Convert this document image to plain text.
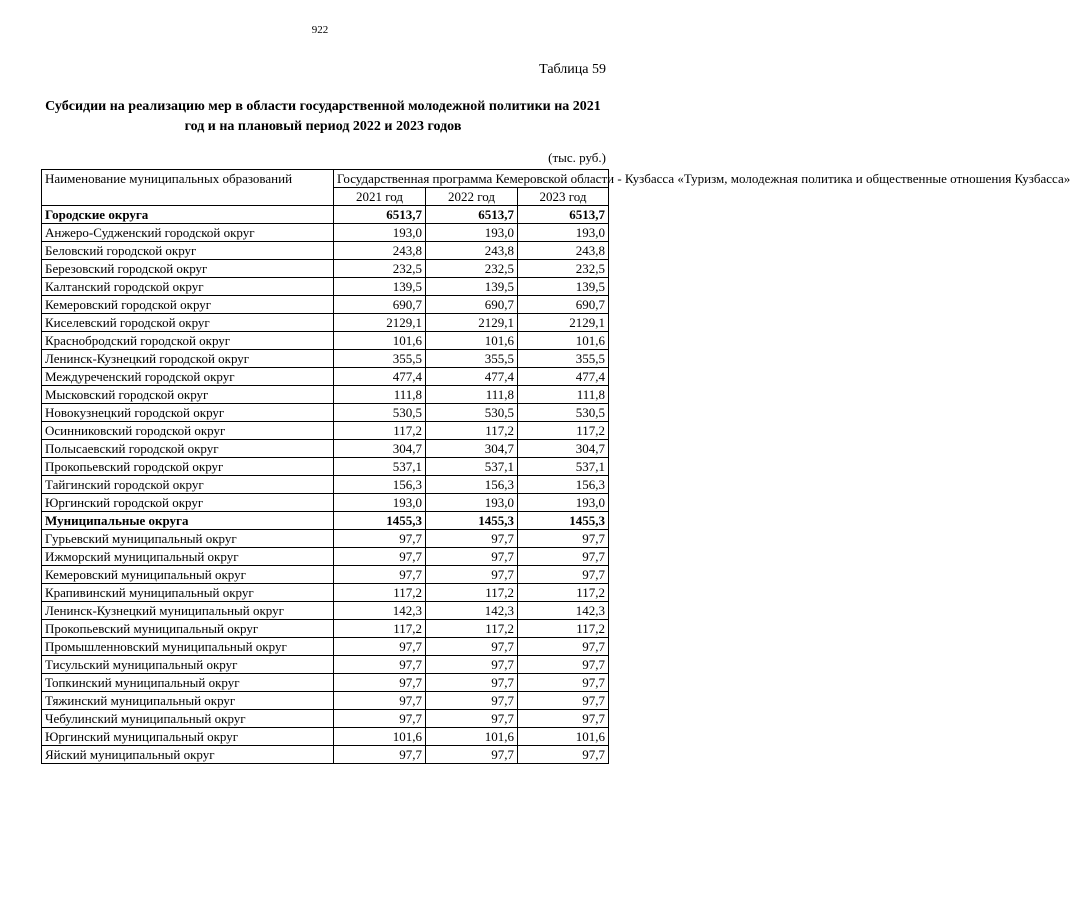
922
Таблица 59
Субсидии на реализацию мер в области государственной молодежной политики на 2021 год и на плановый период 2022 и 2023 годов
(тыс. руб.)
Наименование муниципальных образований	Государственная программа Кемеровской области - Кузбасса «Туризм, молодежная политика и общественные отношения Кузбасса»		
	2021 год	2022 год	2023 год
Городские округа	6513,7	6513,7	6513,7
Анжеро-Судженский городской округ	193,0	193,0	193,0
Беловский городской округ	243,8	243,8	243,8
Березовский городской округ	232,5	232,5	232,5
Калтанский городской округ	139,5	139,5	139,5
Кемеровский городской округ	690,7	690,7	690,7
Киселевский городской округ	2129,1	2129,1	2129,1
Краснобродский городской округ	101,6	101,6	101,6
Ленинск-Кузнецкий городской округ	355,5	355,5	355,5
Междуреченский городской округ	477,4	477,4	477,4
Мысковский городской округ	111,8	111,8	111,8
Новокузнецкий городской округ	530,5	530,5	530,5
Осинниковский городской округ	117,2	117,2	117,2
Полысаевский городской округ	304,7	304,7	304,7
Прокопьевский городской округ	537,1	537,1	537,1
Тайгинский городской округ	156,3	156,3	156,3
Юргинский городской округ	193,0	193,0	193,0
Муниципальные округа	1455,3	1455,3	1455,3
Гурьевский муниципальный округ	97,7	97,7	97,7
Ижморский муниципальный округ	97,7	97,7	97,7
Кемеровский муниципальный округ	97,7	97,7	97,7
Крапивинский муниципальный округ	117,2	117,2	117,2
Ленинск-Кузнецкий муниципальный округ	142,3	142,3	142,3
Прокопьевский муниципальный округ	117,2	117,2	117,2
Промышленновский муниципальный округ	97,7	97,7	97,7
Тисульский муниципальный округ	97,7	97,7	97,7
Топкинский муниципальный округ	97,7	97,7	97,7
Тяжинский муниципальный округ	97,7	97,7	97,7
Чебулинский муниципальный округ	97,7	97,7	97,7
Юргинский муниципальный округ	101,6	101,6	101,6
Яйский муниципальный округ	97,7	97,7	97,7
